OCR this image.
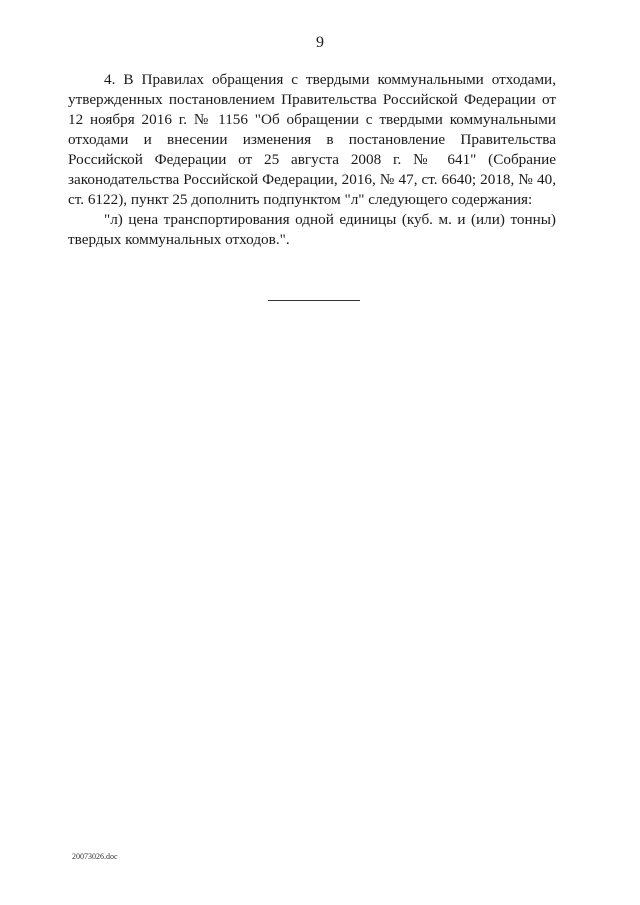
9

4. В Правилах обращения с твердыми коммунальными отходами, утвержденных постановлением Правительства Российской Федерации от 12 ноября 2016 г. № 1156 "Об обращении с твердыми коммунальными отходами и внесении изменения в постановление Правительства Российской Федерации от 25 августа 2008 г. № 641" (Собрание законодательства Российской Федерации, 2016, № 47, ст. 6640; 2018, № 40, ст. 6122), пункт 25 дополнить подпунктом "л" следующего содержания:

"л) цена транспортирования одной единицы (куб. м. и (или) тонны) твердых коммунальных отходов.".

20073026.doc
